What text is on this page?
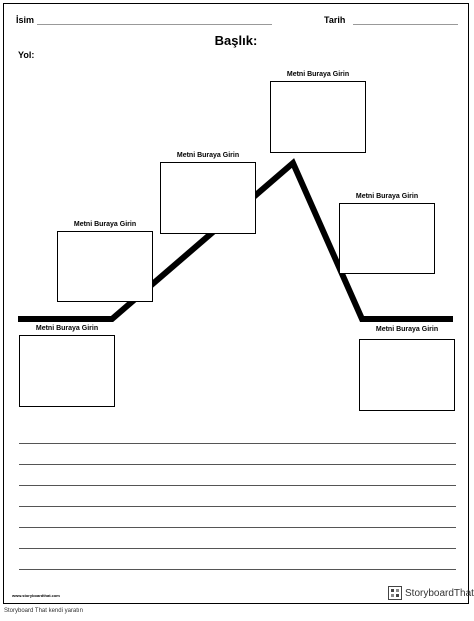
İsim	Tarih
Başlık:
Yol:
Metni Buraya Girin
Metni Buraya Girin
Metni Buraya Girin
Metni Buraya Girin
Metni Buraya Girin
Metni Buraya Girin
www.storyboardthat.com	StoryboardThat
Storyboard That kendi yaratın
